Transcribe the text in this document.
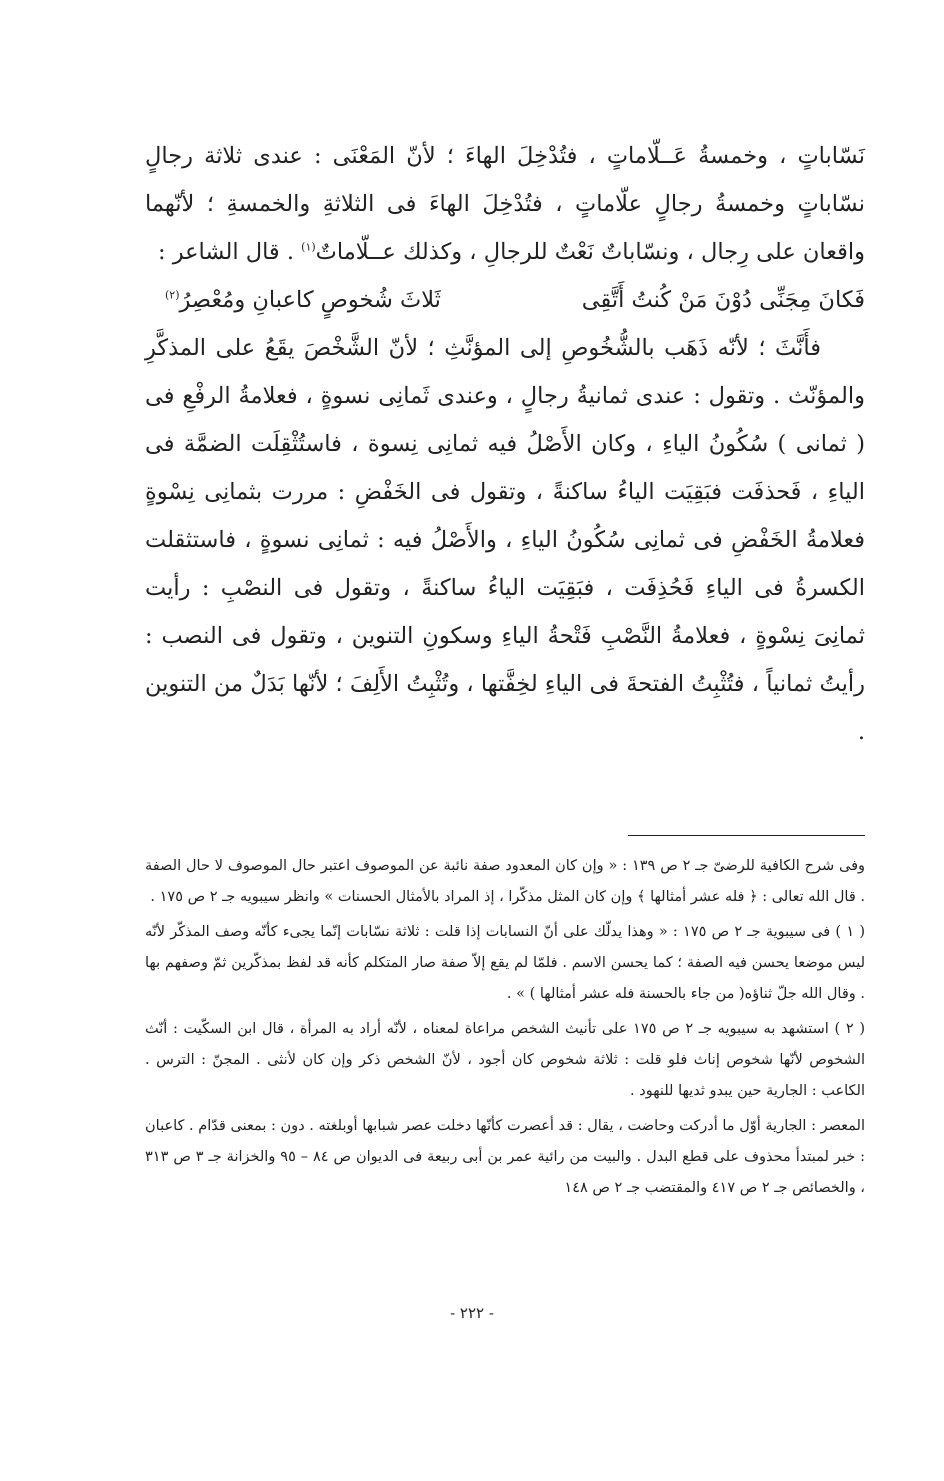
نَسّاباتٍ ، وخمسةُ عَــلّاماتٍ ، فتُدْخِلَ الهاءَ ؛ لأنّ المَعْنَى : عندى ثلاثة رجالٍ نسّاباتٍ وخمسةُ رجالٍ علّاماتٍ ، فتُدْخِلَ الهاءَ فى الثلاثةِ والخمسةِ ؛ لأنّهما واقعان على رِجال ، ونسّاباتٌ نَعْتٌ للرجالِ ، وكذلك عــلّاماتٌ$^{(١)}$ . قال الشاعر :

فَكانَ مِجَنِّى دُوْنَ مَنْ كُنتُ أَتَّقِى
ثَلاثَ شُخوصٍ كاعبانِ ومُعْصِرُ$^{(٢)}$

فأَنَّثَ ؛ لأنّه ذَهَب بالشُّخُوصِ إلى المؤنَّثِ ؛ لأنّ الشَّخْصَ يقَعُ على المذكَّرِ والمؤنّث . وتقول : عندى ثمانيةُ رجالٍ ، وعندى ثَمانِى نسوةٍ ، فعلامةُ الرفْعِ فى ( ثمانى ) سُكُونُ الياءِ ، وكان الأَصْلُ فيه ثمانِى نِسوة ، فاستُثْقِلَت الضمَّة فى الياءِ ، فَحذفَت فبَقِيَت الياءُ ساكنةً ، وتقول فى الخَفْضِ : مررت بثمانِى نِسْوةٍ فعلامةُ الخَفْضِ فى ثمانِى سُكُونُ الياءِ ، والأَصْلُ فيه : ثمانِى نسوةٍ ، فاستثقلت الكسرةُ فى الياءِ فَحُذِفَت ، فبَقِيَت الياءُ ساكنةً ، وتقول فى النصْبِ : رأيت ثمانِىَ نِسْوةٍ ، فعلامةُ النَّصْبِ فَتْحةُ الياءِ وسكونِ التنوين ، وتقول فى النصب : رأيتُ ثمانياً ، فتُثْبِتُ الفتحةَ فى الياءِ لخِفَّتها ، وتُثْبِتُ الأَلِفَ ؛ لأنّها بَدَلٌ من التنوين .

وفى شرح الكافية للرضىّ جـ ٢ ص ١٣٩ : « وإن كان المعدود صفة نائبة عن الموصوف اعتبر حال الموصوف لا حال الصفة . قال الله تعالى : ﴿ فله عشر أمثالها ﴾ وإن كان المثل مذكّرا ، إذ المراد بالأمثال الحسنات » وانظر سيبويه جـ ٢ ص ١٧٥ .

( ١ ) فى سيبوية جـ ٢ ص ١٧٥ : « وهذا يدلّك على أنّ النسابات إذا قلت : ثلاثة نسّابات إنّما يجىء كأنّه وصف المذكّر لأنّه ليس موضعا يحسن فيه الصفة ؛ كما يحسن الاسم . فلمّا لم يقع إلاّ صفة صار المتكلم كأنه قد لفظ بمذكّرين ثمّ وصفهم بها . وقال الله جلّ ثناؤه( من جاء بالحسنة فله عشر أمثالها ) » .

( ٢ ) استشهد به سيبويه جـ ٢ ص ١٧٥ على تأنيث الشخص مراعاة لمعناه ، لأنّه أراد به المرأة ، قال ابن السكّيت : أنّث الشخوص لأنّها شخوص إناث فلو قلت : ثلاثة شخوص كان أجود ، لأنّ الشخص ذكر وإن كان لأنثى . المجنّ : الترس . الكاعب : الجارية حين يبدو ثديها للنهود .

المعصر : الجارية أوّل ما أدركت وحاضت ، يقال : قد أعصرت كأنّها دخلت عصر شبابها أوبلغته . دون : بمعنى قدّام . كاعبان : خبر لمبتدأ محذوف على قطع البدل . والبيت من رائية عمر بن أبى ربيعة فى الديوان ص ٨٤ – ٩٥ والخزانة جـ ٣ ص ٣١٣ ، والخصائص جـ ٢ ص ٤١٧ والمقتضب جـ ٢ ص ١٤٨

- ٢٢٢ -
